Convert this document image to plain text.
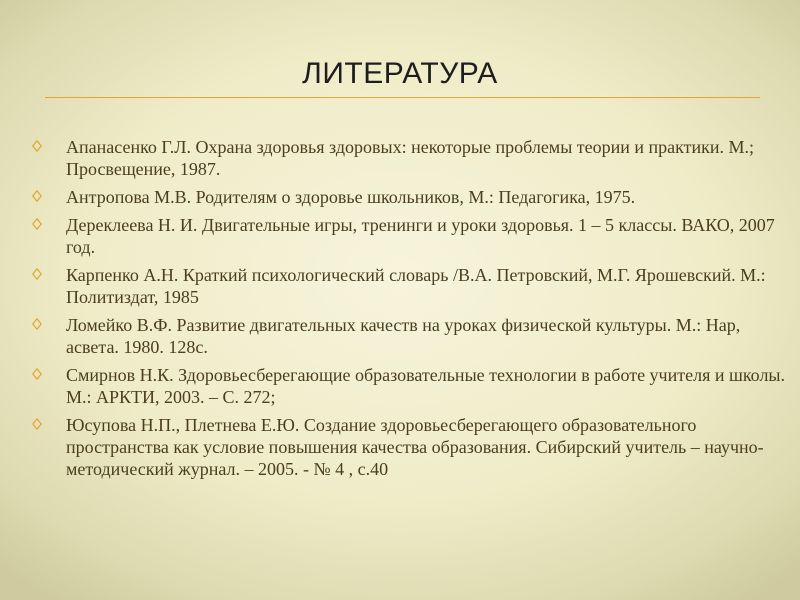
ЛИТЕРАТУРА
Апанасенко Г.Л. Охрана здоровья здоровых: некоторые проблемы теории и практики. М.; Просвещение, 1987.
Антропова М.В. Родителям о здоровье школьников, М.: Педагогика, 1975.
Дереклеева Н. И. Двигательные игры, тренинги и уроки здоровья. 1 – 5 классы. ВАКО, 2007 год.
Карпенко А.Н. Краткий психологический словарь /В.А. Петровский, М.Г. Ярошевский. М.: Политиздат, 1985
Ломейко В.Ф. Развитие двигательных качеств на уроках физической культуры. М.: Нар, асвета. 1980. 128с.
Смирнов Н.К. Здоровьесберегающие образовательные технологии в работе учителя и школы. М.: АРКТИ, 2003. – С. 272;
Юсупова Н.П., Плетнева Е.Ю. Создание здоровьесберегающего образовательного пространства как условие повышения качества образования. Сибирский учитель – научно-методический журнал. – 2005. - № 4 , с.40
